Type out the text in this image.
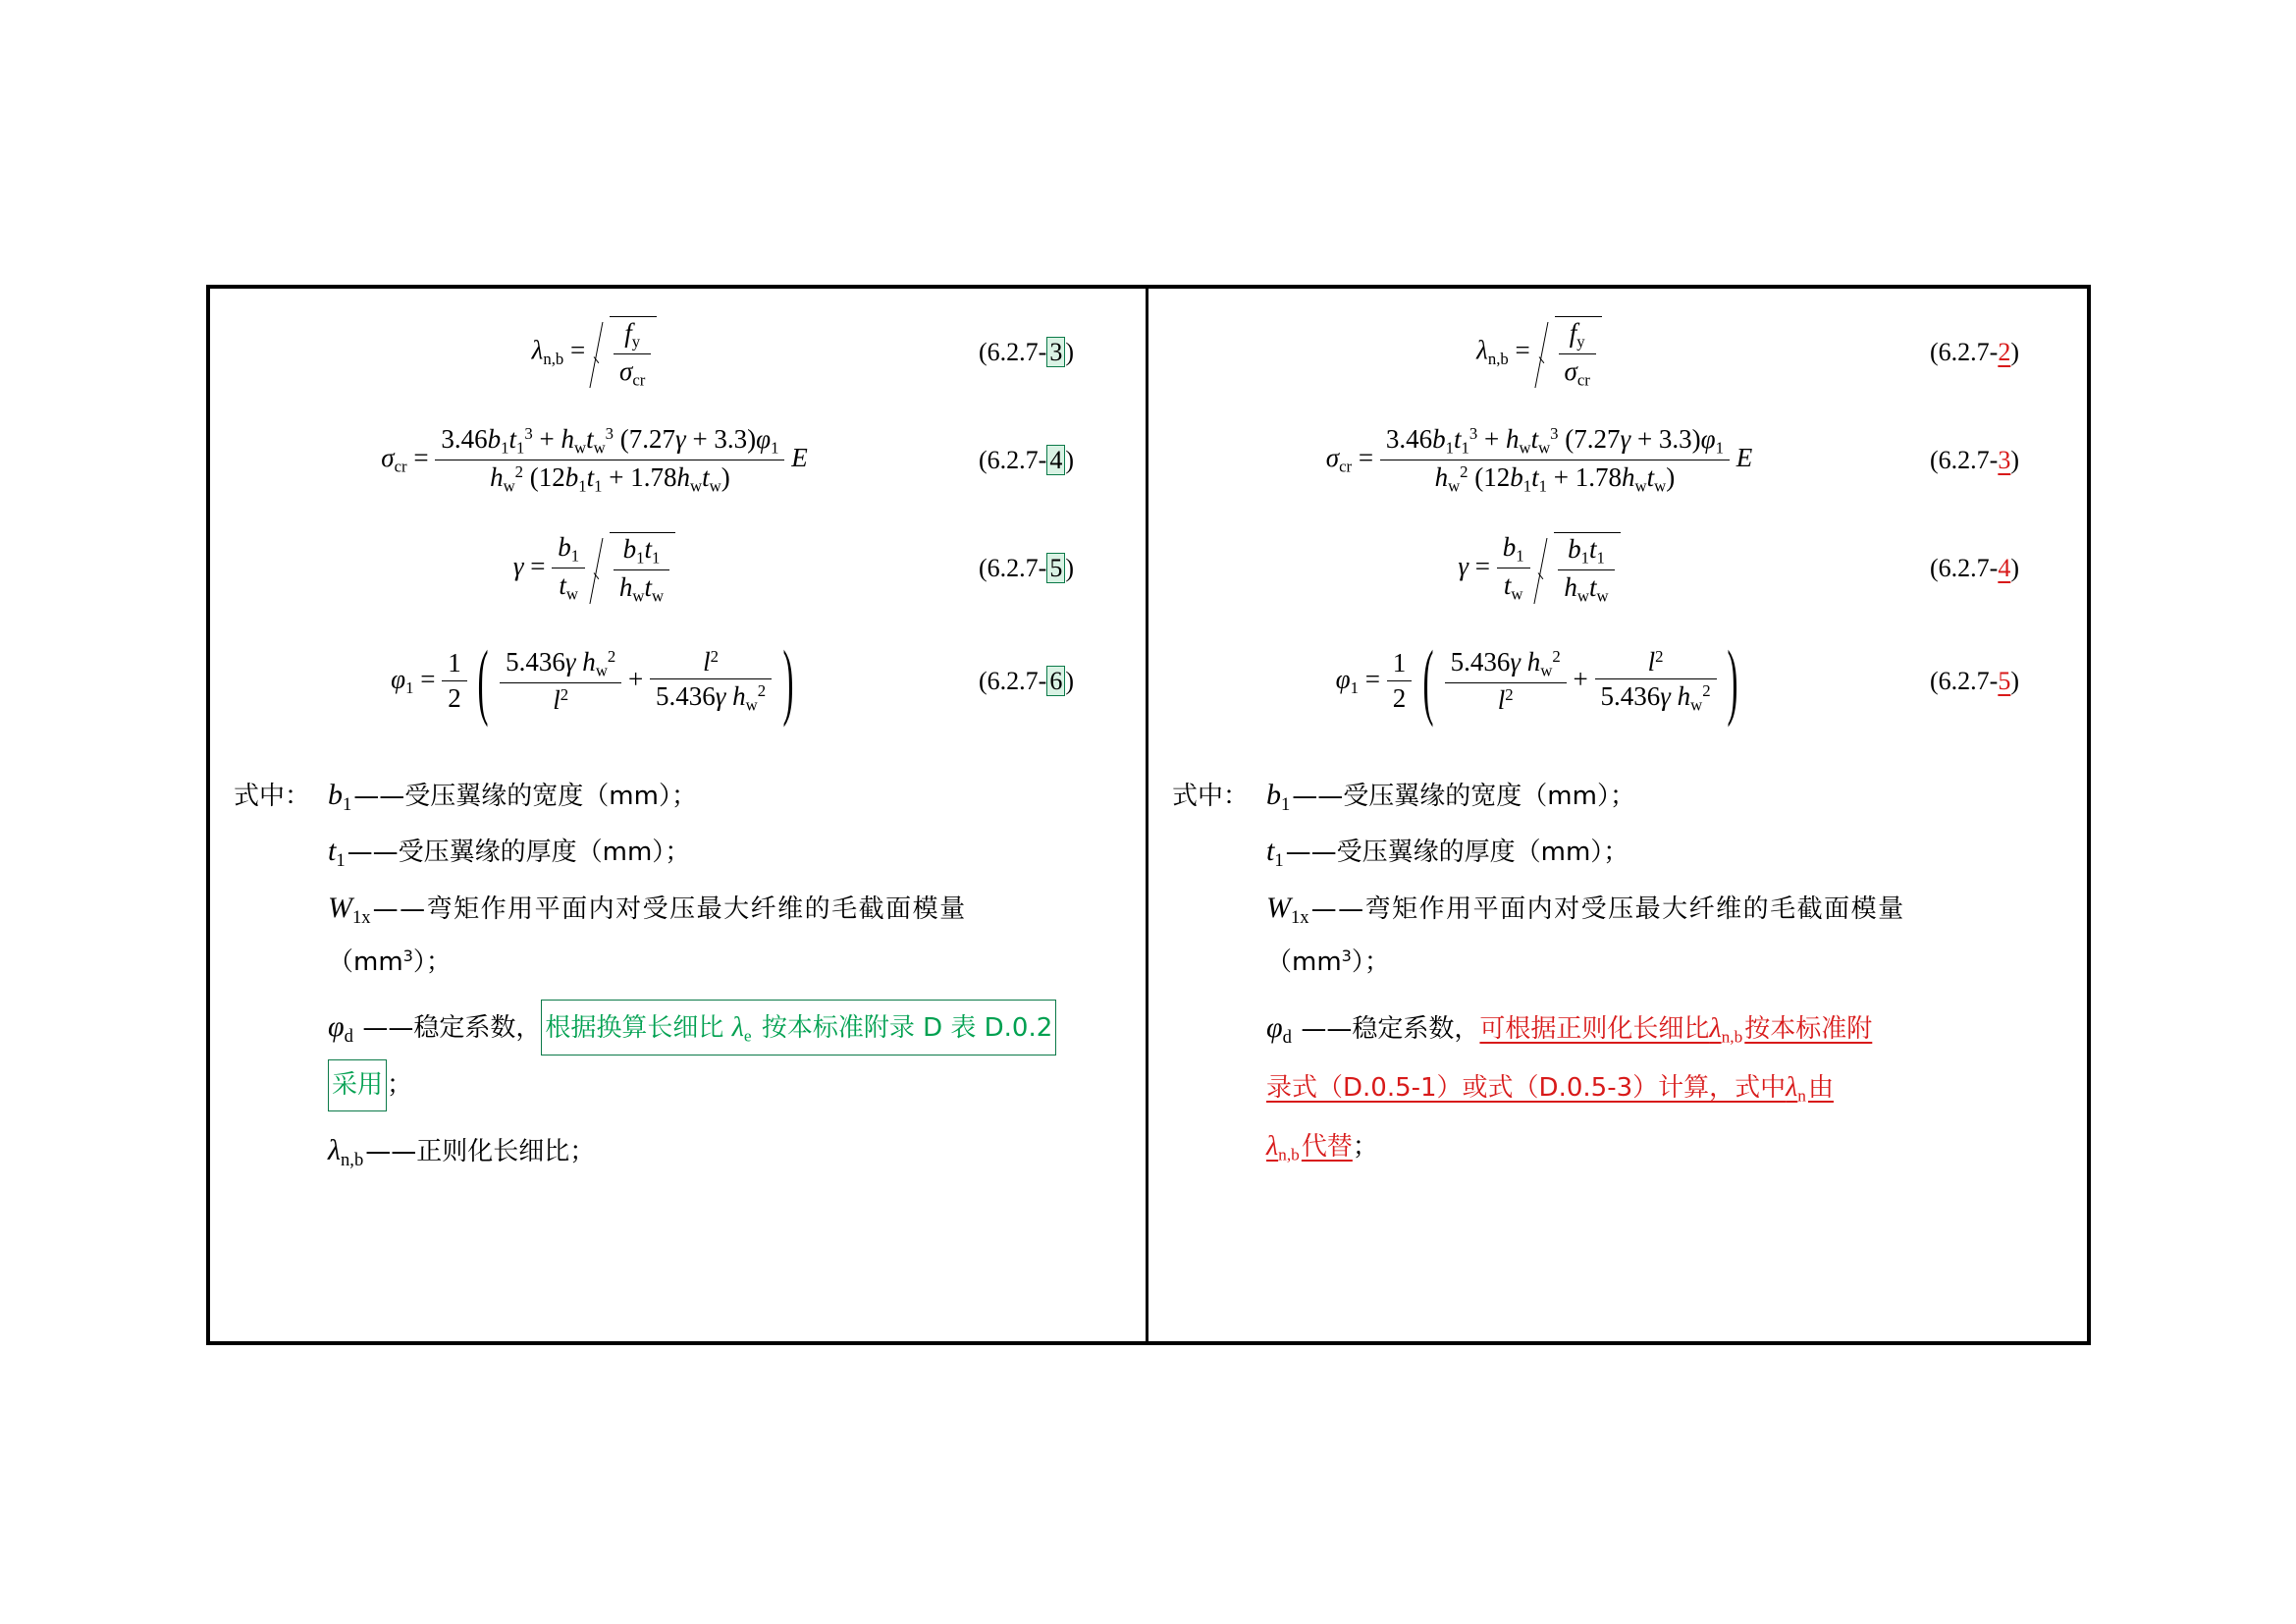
$\lambda_{n,b} = \frac{f_y}{\sigma_{cr}}$	(6.2.7- 3 )
$\sigma_{cr} = \frac{3.46b_1t_1^3 + h_wt_w^3 (7.27\gamma + 3.3)\varphi_1}{h_w^2 (12b_1t_1 + 1.78h_wt_w)}$ E	(6.2.7- 4 )
$\gamma = \frac{b_1}{t_w}$
$\frac{b_1t_1}{h_wt_w}$	(6.2.7- 5 )
$\varphi_1 = \frac{1}{2}$ ( $\frac{5.436\gamma h_w^2}{l^2} + \frac{l^2}{5.436\gamma h_w^2}$ )	(6.2.7- 6 )
式中： $b_1$ ——受压翼缘的宽度（mm）；
$t_1$ ——受压翼缘的厚度（mm）；
$W_{1x}$ ——弯矩作用平面内对受压最大纤维的毛截面模量
$(mm^3)$；
$\varphi_d$ ——稳定系数， 根据换算长细比 $\lambda_e$ 按本标准附录 D 表 D.0.2
采用 ；
$\lambda_{n,b}$ ——正则化长细比；
$\lambda_{n,b} = \frac{f_y}{\sigma_{cr}}$	(6.2.7-2)
$\sigma_{cr} = \frac{3.46b_1t_1^3 + h_wt_w^3 (7.27\gamma + 3.3)\varphi_1}{h_w^2 (12b_1t_1 + 1.78h_wt_w)}$ E	(6.2.7-3)
$\gamma = \frac{b_1}{t_w}$
$\frac{b_1t_1}{h_wt_w}$	(6.2.7-4)
$\varphi_1 = \frac{1}{2}$ ( $\frac{5.436\gamma h_w^2}{l^2} + \frac{l^2}{5.436\gamma h_w^2}$ )	(6.2.7-5)
式中： $b_1$ ——受压翼缘的宽度（mm）；
$t_1$ ——受压翼缘的厚度（mm）；
$W_{1x}$ ——弯矩作用平面内对受压最大纤维的毛截面模量
$(mm^3)$；
$\varphi_d$ ——稳定系数，可根据正则化长细比$\lambda_{n,b}$按本标准附
录式（D.0.5-1）或式（D.0.5-3）计算，式中$\lambda_n$由
$\lambda_{n,b}$代替；
